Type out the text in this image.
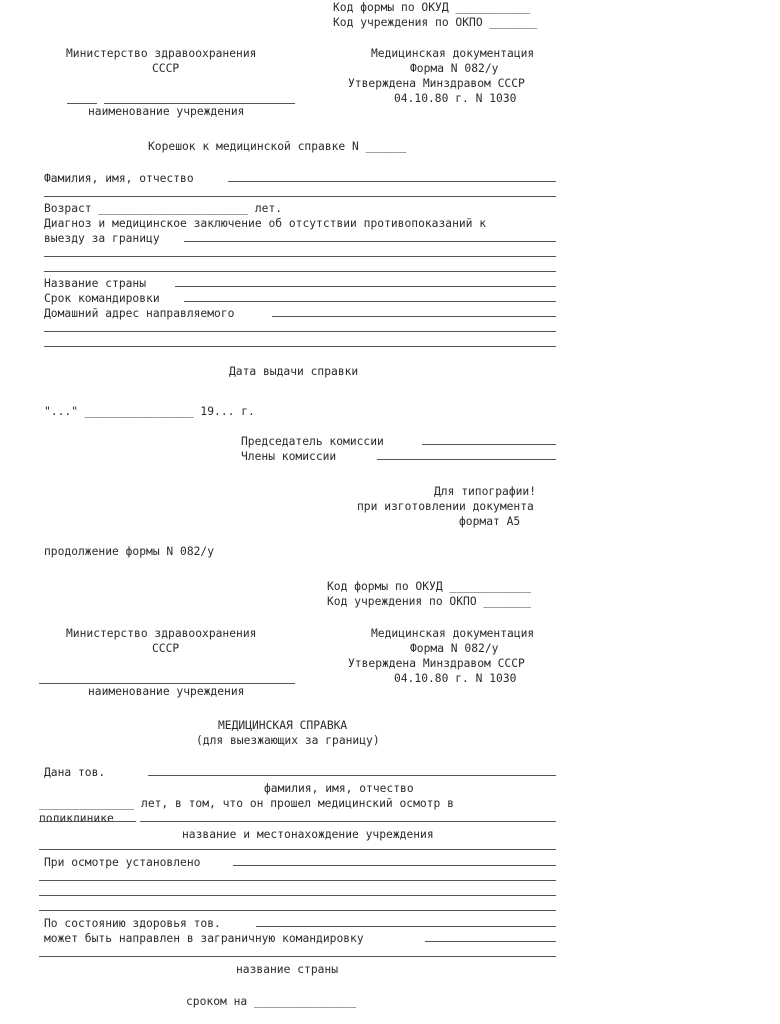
Код формы по ОКУД ___________
Код учреждения по ОКПО _______
Министерство здравоохранения
СССР
Медицинская документация
Форма N 082/у
Утверждена Минздравом СССР
04.10.80 г. N 1030
наименование учреждения
Корешок к медицинской справке N ______
Фамилия, имя, отчество
Возраст ______________________ лет.
Диагноз и медицинское заключение об отсутствии противопоказаний к
выезду за границу
Название страны
Срок командировки
Домашний адрес направляемого
Дата выдачи справки
"..." ________________ 19... г.
Председатель комиссии
Члены комиссии
Для типографии!
при изготовлении документа
формат А5
продолжение формы N 082/у
Код формы по ОКУД ____________
Код учреждения по ОКПО _______
Министерство здравоохранения
СССР
Медицинская документация
Форма N 082/у
Утверждена Минздравом СССР
04.10.80 г. N 1030
наименование учреждения
МЕДИЦИНСКАЯ СПРАВКА
(для выезжающих за границу)
Дана тов.
фамилия, имя, отчество
______________ лет, в том, что он прошел медицинский осмотр в
поликлинике
название и местонахождение учреждения
При осмотре установлено
По состоянию здоровья тов.
может быть направлен в заграничную командировку
название страны
сроком на _______________
